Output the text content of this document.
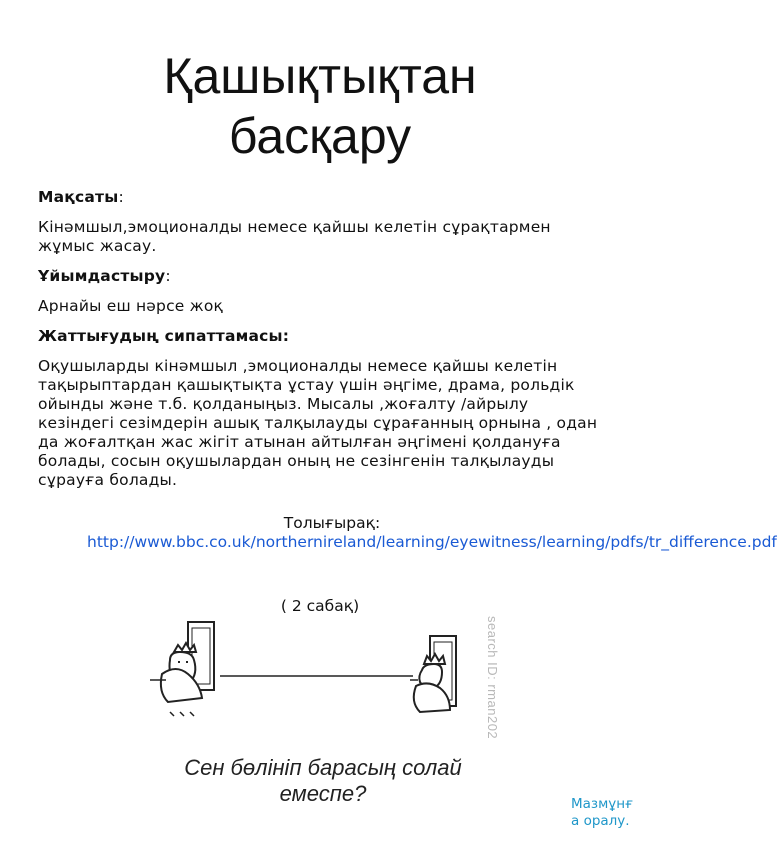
Қашықтықтан
басқару

Мақсаты:

Кінәмшыл,эмоционалды немесе қайшы келетін сұрақтармен жұмыс жасау.

Ұйымдастыру:

Арнайы еш нәрсе жоқ

Жаттығудың сипаттамасы:

Оқушыларды кінәмшыл ,эмоционалды немесе қайшы келетін тақырыптардан қашықтықта ұстау үшін әңгіме, драма, рольдік ойынды және т.б. қолданыңыз. Мысалы ,жоғалту /айрылу кезіндегі сезімдерін ашық талқылауды сұрағанның орнына , одан да жоғалтқан жас жігіт атынан айтылған әңгімені қолдануға болады, сосын оқушылардан оның не сезінгенін талқылауды сұрауға болады.

Толығырақ:
http://www.bbc.co.uk/northernireland/learning/eyewitness/learning/pdfs/tr_difference.pdf
( 2 сабақ)
search ID: rman202
Сен бөлініп барасың солай емеспе?	Мазмұнға оралу.
